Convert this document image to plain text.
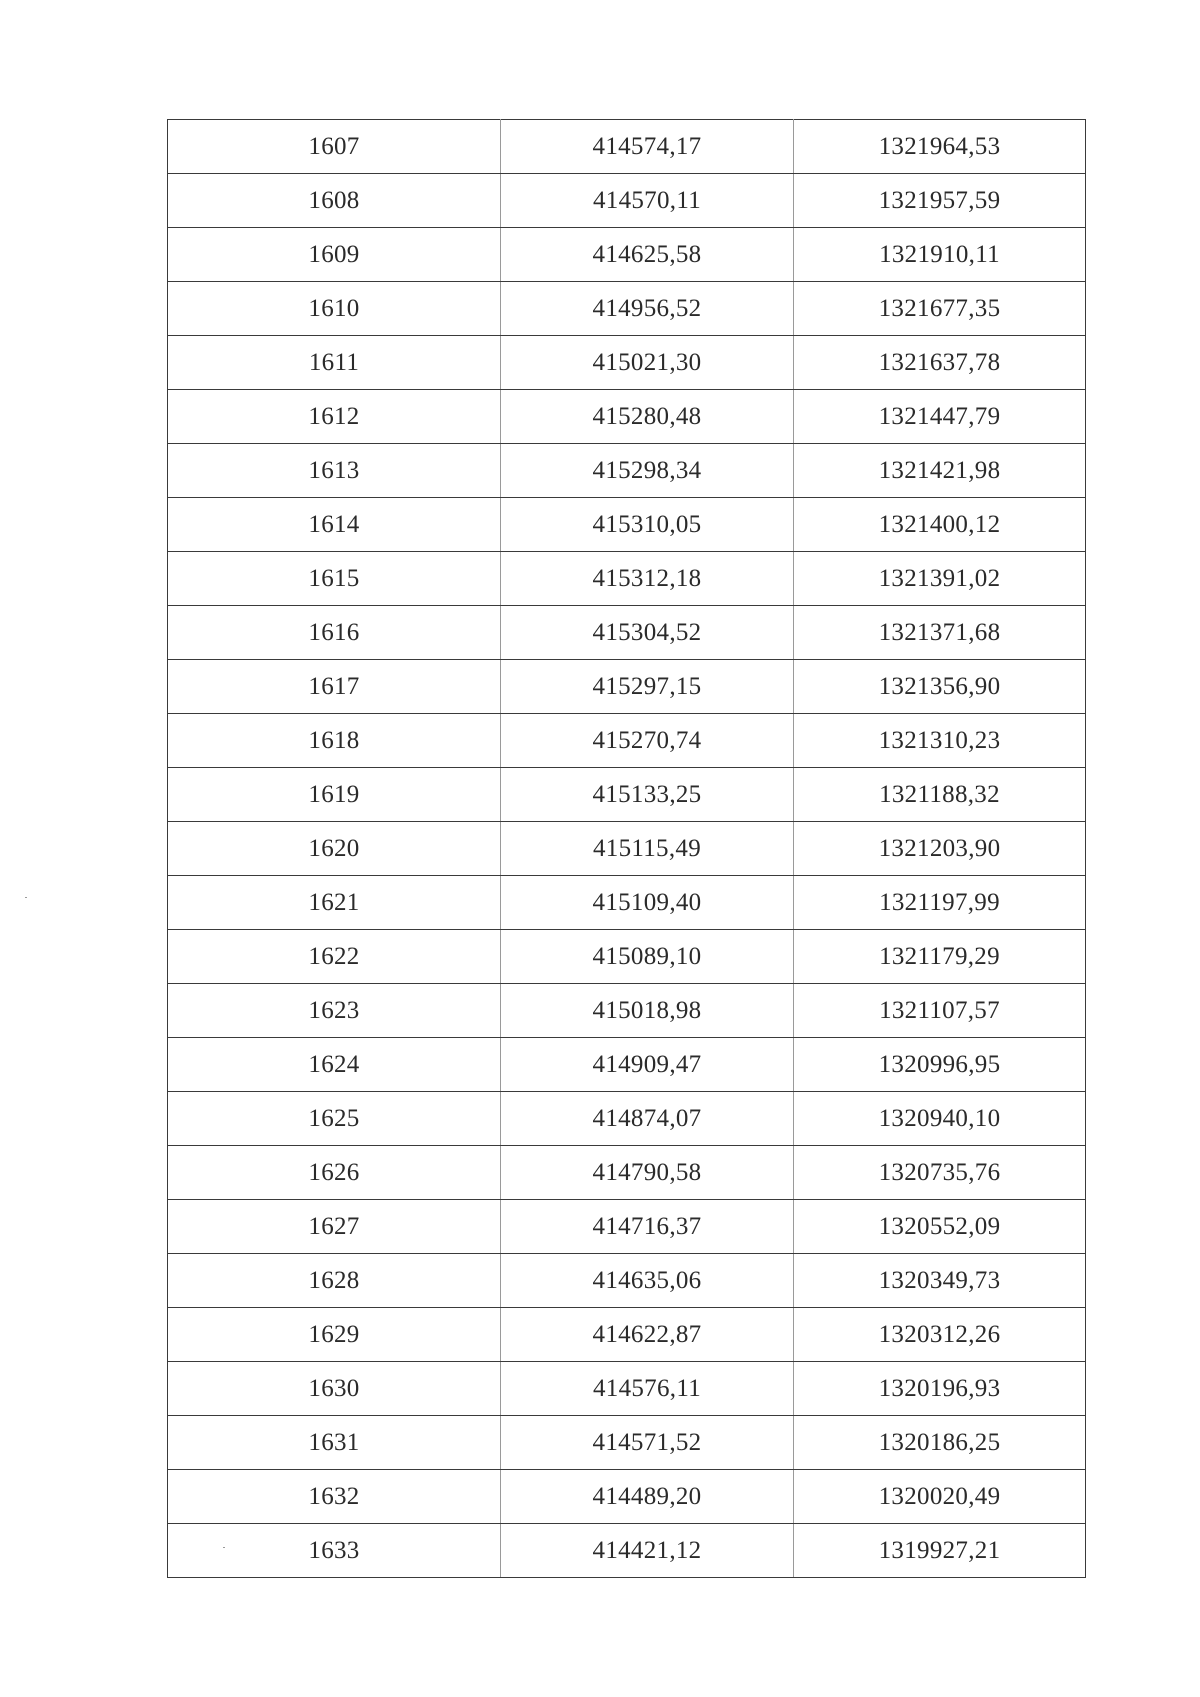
1607	414574,17	1321964,53
1608	414570,11	1321957,59
1609	414625,58	1321910,11
1610	414956,52	1321677,35
1611	415021,30	1321637,78
1612	415280,48	1321447,79
1613	415298,34	1321421,98
1614	415310,05	1321400,12
1615	415312,18	1321391,02
1616	415304,52	1321371,68
1617	415297,15	1321356,90
1618	415270,74	1321310,23
1619	415133,25	1321188,32
1620	415115,49	1321203,90
1621	415109,40	1321197,99
1622	415089,10	1321179,29
1623	415018,98	1321107,57
1624	414909,47	1320996,95
1625	414874,07	1320940,10
1626	414790,58	1320735,76
1627	414716,37	1320552,09
1628	414635,06	1320349,73
1629	414622,87	1320312,26
1630	414576,11	1320196,93
1631	414571,52	1320186,25
1632	414489,20	1320020,49
1633	414421,12	1319927,21
